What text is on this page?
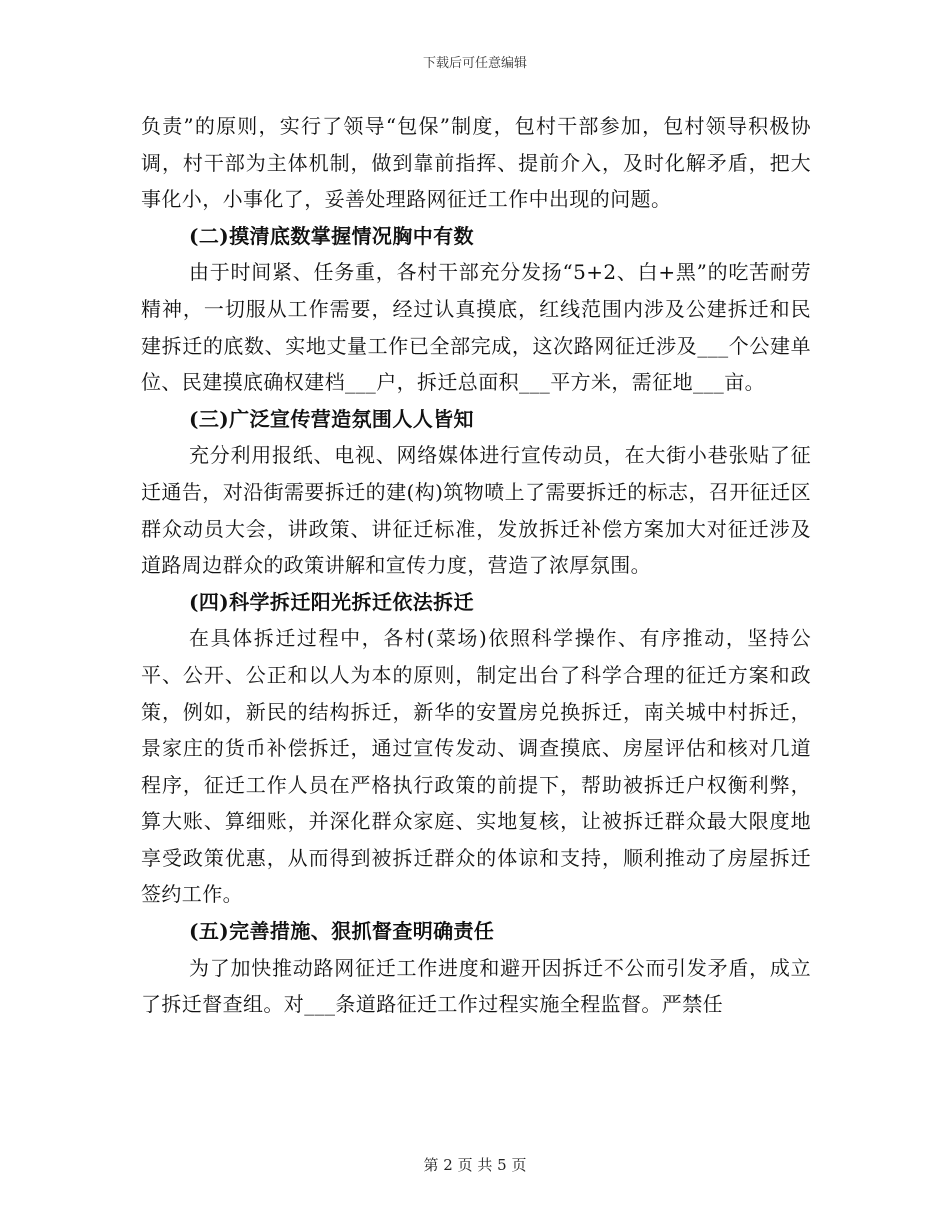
下载后可任意编辑

负责”的原则，实行了领导“包保”制度，包村干部参加，包村领导积极协调，村干部为主体机制，做到靠前指挥、提前介入，及时化解矛盾，把大事化小，小事化了，妥善处理路网征迁工作中出现的问题。

(二)摸清底数掌握情况胸中有数

由于时间紧、任务重，各村干部充分发扬“5+2、白+黑”的吃苦耐劳精神，一切服从工作需要，经过认真摸底，红线范围内涉及公建拆迁和民建拆迁的底数、实地丈量工作已全部完成，这次路网征迁涉及___个公建单位、民建摸底确权建档___户，拆迁总面积___平方米，需征地___亩。

(三)广泛宣传营造氛围人人皆知

充分利用报纸、电视、网络媒体进行宣传动员，在大街小巷张贴了征迁通告，对沿街需要拆迁的建(构)筑物喷上了需要拆迁的标志，召开征迁区群众动员大会，讲政策、讲征迁标准，发放拆迁补偿方案加大对征迁涉及道路周边群众的政策讲解和宣传力度，营造了浓厚氛围。

(四)科学拆迁阳光拆迁依法拆迁

在具体拆迁过程中，各村(菜场)依照科学操作、有序推动，坚持公平、公开、公正和以人为本的原则，制定出台了科学合理的征迁方案和政策，例如，新民的结构拆迁，新华的安置房兑换拆迁，南关城中村拆迁，景家庄的货币补偿拆迁，通过宣传发动、调查摸底、房屋评估和核对几道程序，征迁工作人员在严格执行政策的前提下，帮助被拆迁户权衡利弊，算大账、算细账，并深化群众家庭、实地复核，让被拆迁群众最大限度地享受政策优惠，从而得到被拆迁群众的体谅和支持，顺利推动了房屋拆迁签约工作。

(五)完善措施、狠抓督查明确责任

为了加快推动路网征迁工作进度和避开因拆迁不公而引发矛盾，成立了拆迁督查组。对___条道路征迁工作过程实施全程监督。严禁任

第 2 页 共 5 页
